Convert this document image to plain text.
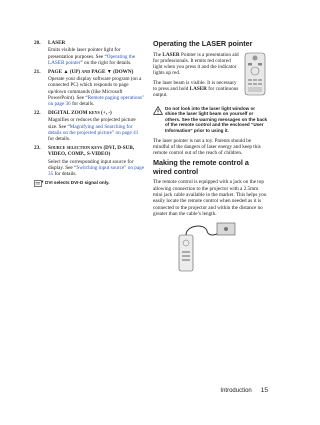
20.	LASER
Emits visible laser pointer light for presentation purposes. See “Operating the LASER pointer” on the right for details.
21.	PAGE ▲ (UP) and PAGE ▼ (DOWN)
Operate your display software program (on a connected PC) which responds to page up/down commands (like Microsoft PowerPoint). See “Remote paging operations” on page 36 for details.
22.	DIGITAL ZOOM keys (+, -)
Magnifies or reduces the projected picture size. See “Magnifying and Searching for details on the projected picture” on page 41 for details.
23.	Source selection keys (DVI, D-SUB, VIDEO, COMP., S-VIDEO)
Select the corresponding input source for display. See “Switching input source” on page 35 for details.
DVI selects DVI-D signal only.
Operating the LASER pointer

The LASER Pointer is a presentation aid for professionals. It emits red colored light when you press it and the indicator lights up red.

The laser beam is visible. It is necessary to press and hold LASER for continuous output.

Do not look into the laser light window or shine the laser light beam on yourself or others. See the warning messages on the back of the remote control and the enclosed “User Information” prior to using it.

The laser pointer is not a toy. Parents should be mindful of the dangers of laser energy and keep this remote control out of the reach of children.

Making the remote control a wired control

The remote control is equipped with a jack on the top allowing connection to the projector with a 2.5mm mini jack cable available in the market. This helps you easily locate the remote control when needed as it is connected to the projector and within the distance no greater than the cable’s length.

Introduction 15
